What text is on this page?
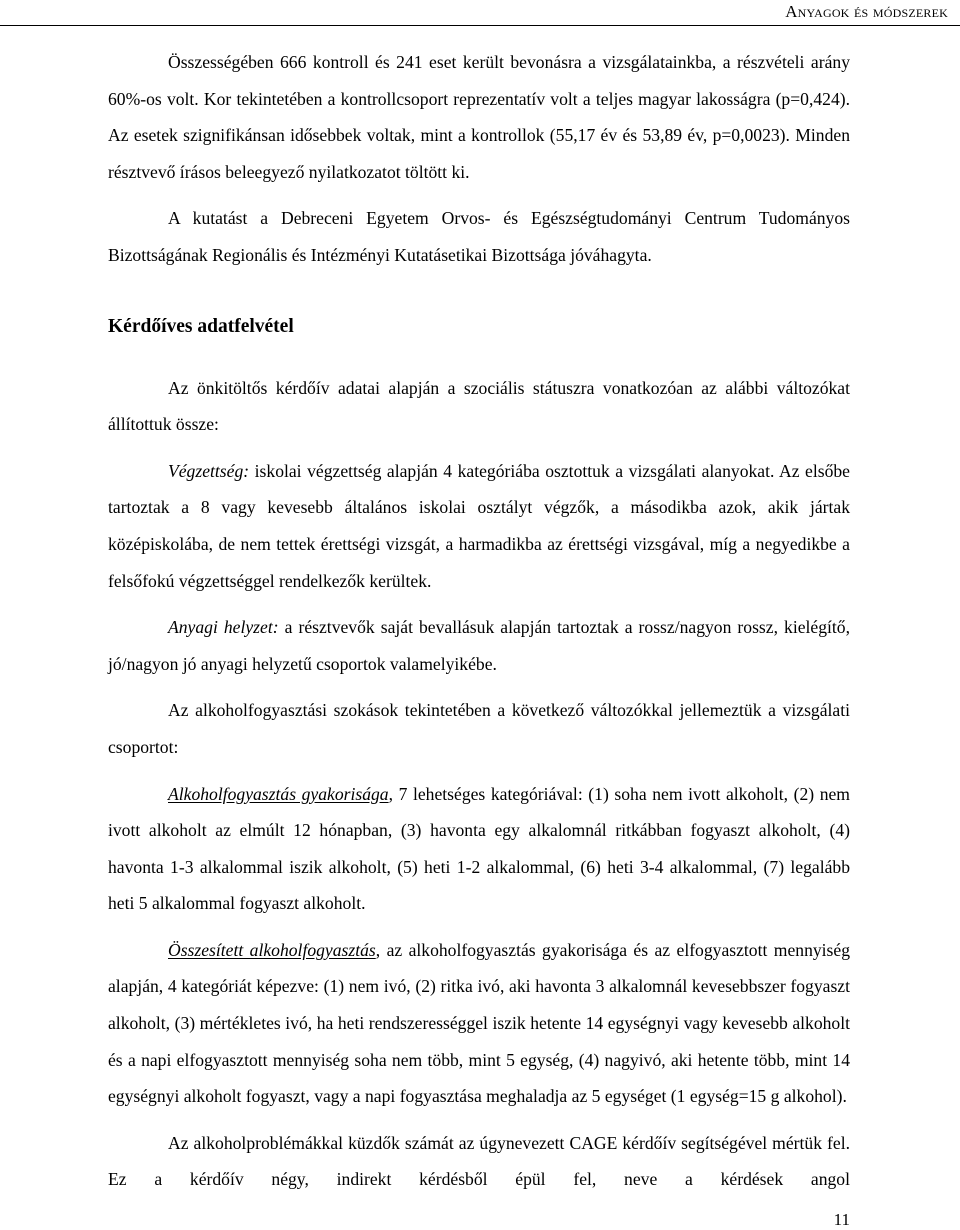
Anyagok és módszerek

Összességében 666 kontroll és 241 eset került bevonásra a vizsgálatainkba, a részvételi arány 60%-os volt. Kor tekintetében a kontrollcsoport reprezentatív volt a teljes magyar lakosságra (p=0,424). Az esetek szignifikánsan idősebbek voltak, mint a kontrollok (55,17 év és 53,89 év, p=0,0023). Minden résztvevő írásos beleegyező nyilatkozatot töltött ki.

A kutatást a Debreceni Egyetem Orvos- és Egészségtudományi Centrum Tudományos Bizottságának Regionális és Intézményi Kutatásetikai Bizottsága jóváhagyta.

Kérdőíves adatfelvétel

Az önkitöltős kérdőív adatai alapján a szociális státuszra vonatkozóan az alábbi változókat állítottuk össze:

Végzettség: iskolai végzettség alapján 4 kategóriába osztottuk a vizsgálati alanyokat. Az elsőbe tartoztak a 8 vagy kevesebb általános iskolai osztályt végzők, a másodikba azok, akik jártak középiskolába, de nem tettek érettségi vizsgát, a harmadikba az érettségi vizsgával, míg a negyedikbe a felsőfokú végzettséggel rendelkezők kerültek.

Anyagi helyzet: a résztvevők saját bevallásuk alapján tartoztak a rossz/nagyon rossz, kielégítő, jó/nagyon jó anyagi helyzetű csoportok valamelyikébe.

Az alkoholfogyasztási szokások tekintetében a következő változókkal jellemeztük a vizsgálati csoportot:

Alkoholfogyasztás gyakorisága, 7 lehetséges kategóriával: (1) soha nem ivott alkoholt, (2) nem ivott alkoholt az elmúlt 12 hónapban, (3) havonta egy alkalomnál ritkábban fogyaszt alkoholt, (4) havonta 1-3 alkalommal iszik alkoholt, (5) heti 1-2 alkalommal, (6) heti 3-4 alkalommal, (7) legalább heti 5 alkalommal fogyaszt alkoholt.

Összesített alkoholfogyasztás, az alkoholfogyasztás gyakorisága és az elfogyasztott mennyiség alapján, 4 kategóriát képezve: (1) nem ivó, (2) ritka ivó, aki havonta 3 alkalomnál kevesebbszer fogyaszt alkoholt, (3) mértékletes ivó, ha heti rendszerességgel iszik hetente 14 egységnyi vagy kevesebb alkoholt és a napi elfogyasztott mennyiség soha nem több, mint 5 egység, (4) nagyivó, aki hetente több, mint 14 egységnyi alkoholt fogyaszt, vagy a napi fogyasztása meghaladja az 5 egységet (1 egység=15 g alkohol).

Az alkoholproblémákkal küzdők számát az úgynevezett CAGE kérdőív segítségével mértük fel. Ez a kérdőív négy, indirekt kérdésből épül fel, neve a kérdések angol

11
